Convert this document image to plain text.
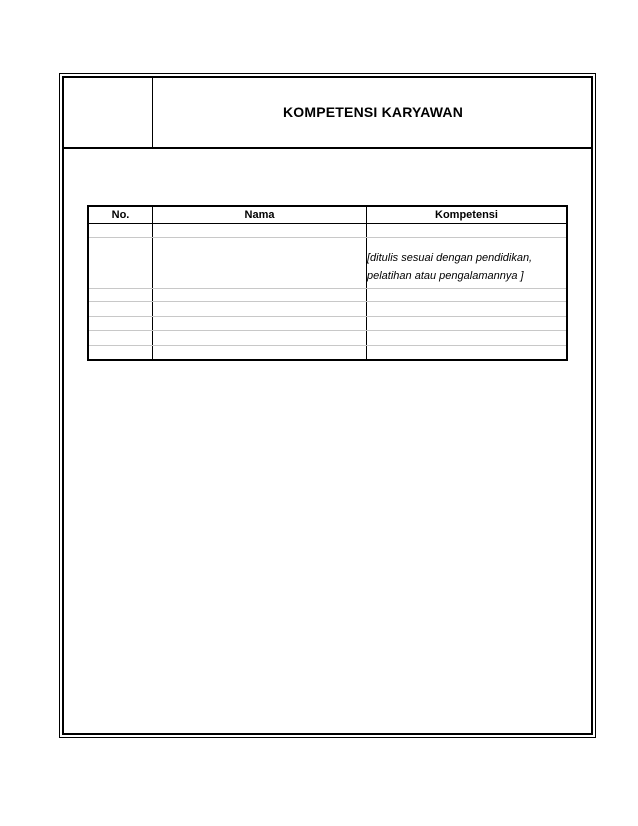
KOMPETENSI KARYAWAN
No.	Nama	Kompetensi
[ditulis sesuai dengan pendidikan,
pelatihan atau pengalamannya ]
